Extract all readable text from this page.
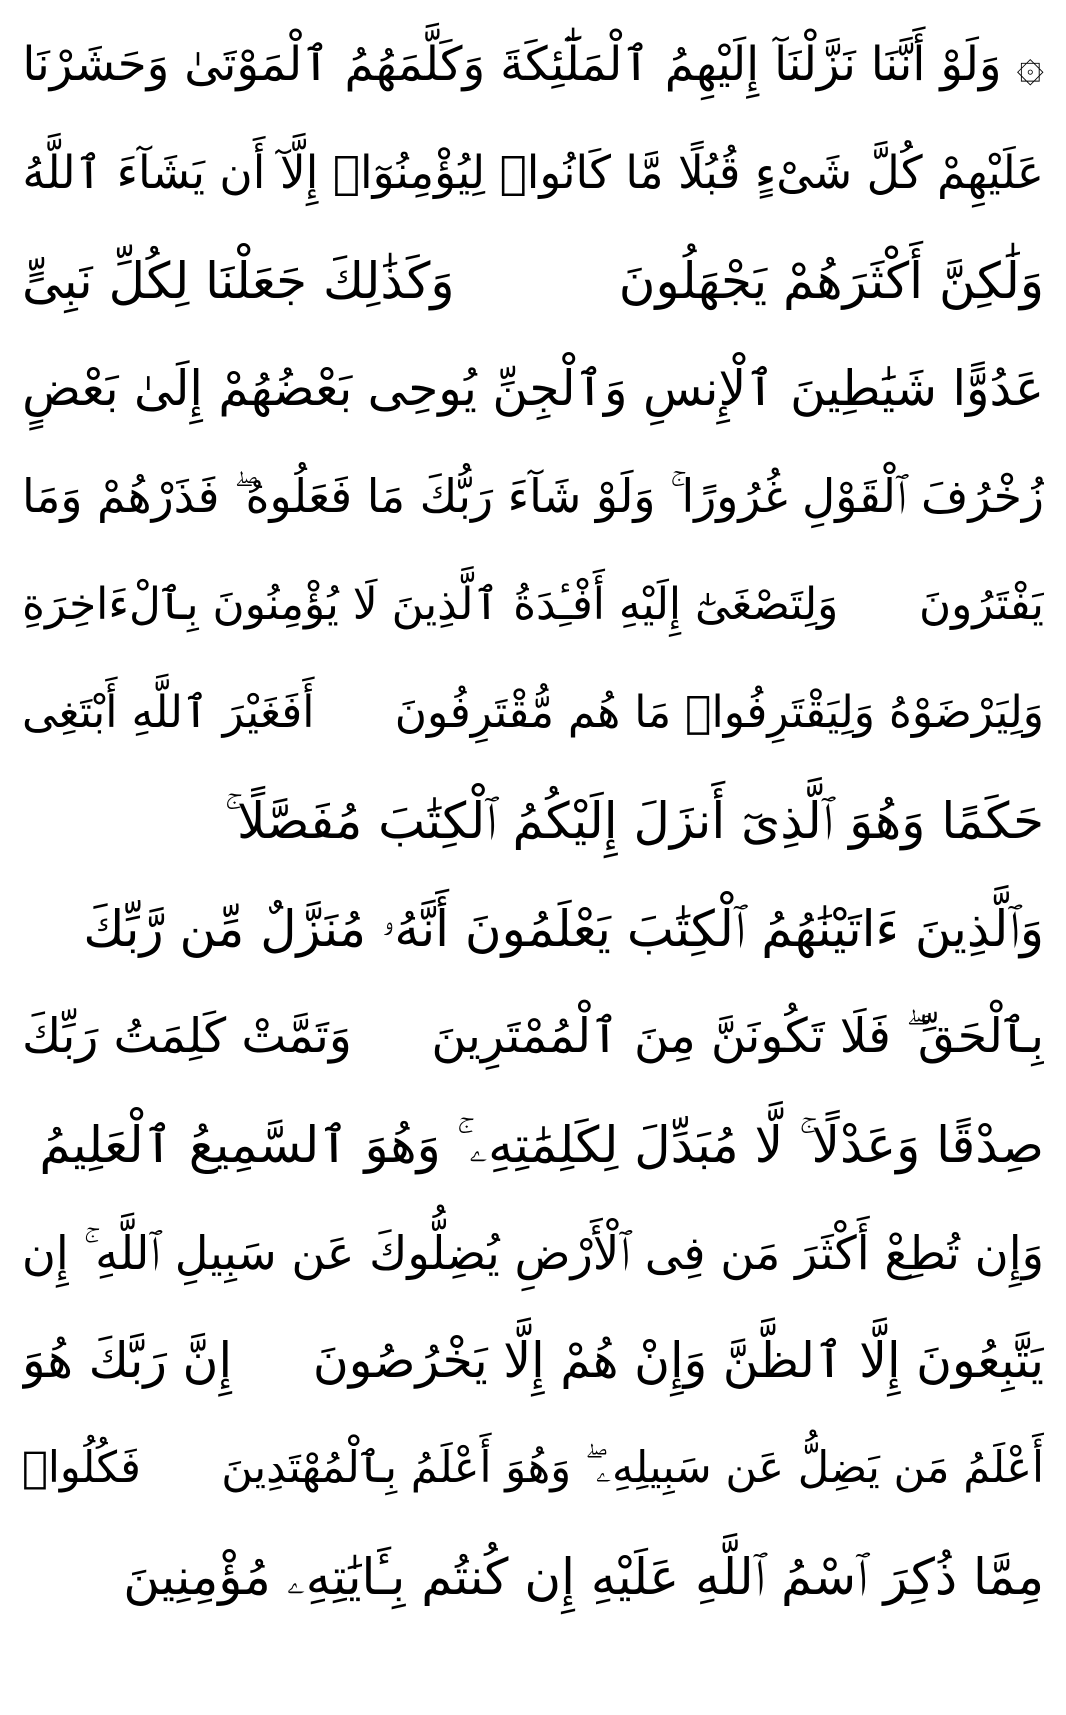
۞ وَلَوْ أَنَّنَا نَزَّلْنَآ إِلَيْهِمُ ٱلْمَلَٰٓئِكَةَ وَكَلَّمَهُمُ ٱلْمَوْتَىٰ وَحَشَرْنَا
عَلَيْهِمْ كُلَّ شَىْءٍ قُبُلًا مَّا كَانُوا۟ لِيُؤْمِنُوٓا۟ إِلَّآ أَن يَشَآءَ ٱللَّهُ
وَلَٰكِنَّ أَكْثَرَهُمْ يَجْهَلُونَ
وَكَذَٰلِكَ جَعَلْنَا لِكُلِّ نَبِىٍّ
عَدُوًّا شَيَٰطِينَ ٱلْإِنسِ وَٱلْجِنِّ يُوحِى بَعْضُهُمْ إِلَىٰ بَعْضٍ
زُخْرُفَ ٱلْقَوْلِ غُرُورًا ۚ وَلَوْ شَآءَ رَبُّكَ مَا فَعَلُوهُ ۖ فَذَرْهُمْ وَمَا
يَفْتَرُونَ
وَلِتَصْغَىٰٓ إِلَيْهِ أَفْـِٔدَةُ ٱلَّذِينَ لَا يُؤْمِنُونَ بِٱلْءَاخِرَةِ
وَلِيَرْضَوْهُ وَلِيَقْتَرِفُوا۟ مَا هُم مُّقْتَرِفُونَ
أَفَغَيْرَ ٱللَّهِ أَبْتَغِى
حَكَمًا وَهُوَ ٱلَّذِىٓ أَنزَلَ إِلَيْكُمُ ٱلْكِتَٰبَ مُفَصَّلًا ۚ
وَٱلَّذِينَ ءَاتَيْنَٰهُمُ ٱلْكِتَٰبَ يَعْلَمُونَ أَنَّهُۥ مُنَزَّلٌ مِّن رَّبِّكَ
بِٱلْحَقِّ ۖ فَلَا تَكُونَنَّ مِنَ ٱلْمُمْتَرِينَ
وَتَمَّتْ كَلِمَتُ رَبِّكَ
صِدْقًا وَعَدْلًا ۚ لَّا مُبَدِّلَ لِكَلِمَٰتِهِۦ ۚ وَهُوَ ٱلسَّمِيعُ ٱلْعَلِيمُ
وَإِن تُطِعْ أَكْثَرَ مَن فِى ٱلْأَرْضِ يُضِلُّوكَ عَن سَبِيلِ ٱللَّهِ ۚ إِن
يَتَّبِعُونَ إِلَّا ٱلظَّنَّ وَإِنْ هُمْ إِلَّا يَخْرُصُونَ
إِنَّ رَبَّكَ هُوَ
أَعْلَمُ مَن يَضِلُّ عَن سَبِيلِهِۦ ۖ وَهُوَ أَعْلَمُ بِٱلْمُهْتَدِينَ
فَكُلُوا۟
مِمَّا ذُكِرَ ٱسْمُ ٱللَّهِ عَلَيْهِ إِن كُنتُم بِـَٔايَٰتِهِۦ مُؤْمِنِينَ
